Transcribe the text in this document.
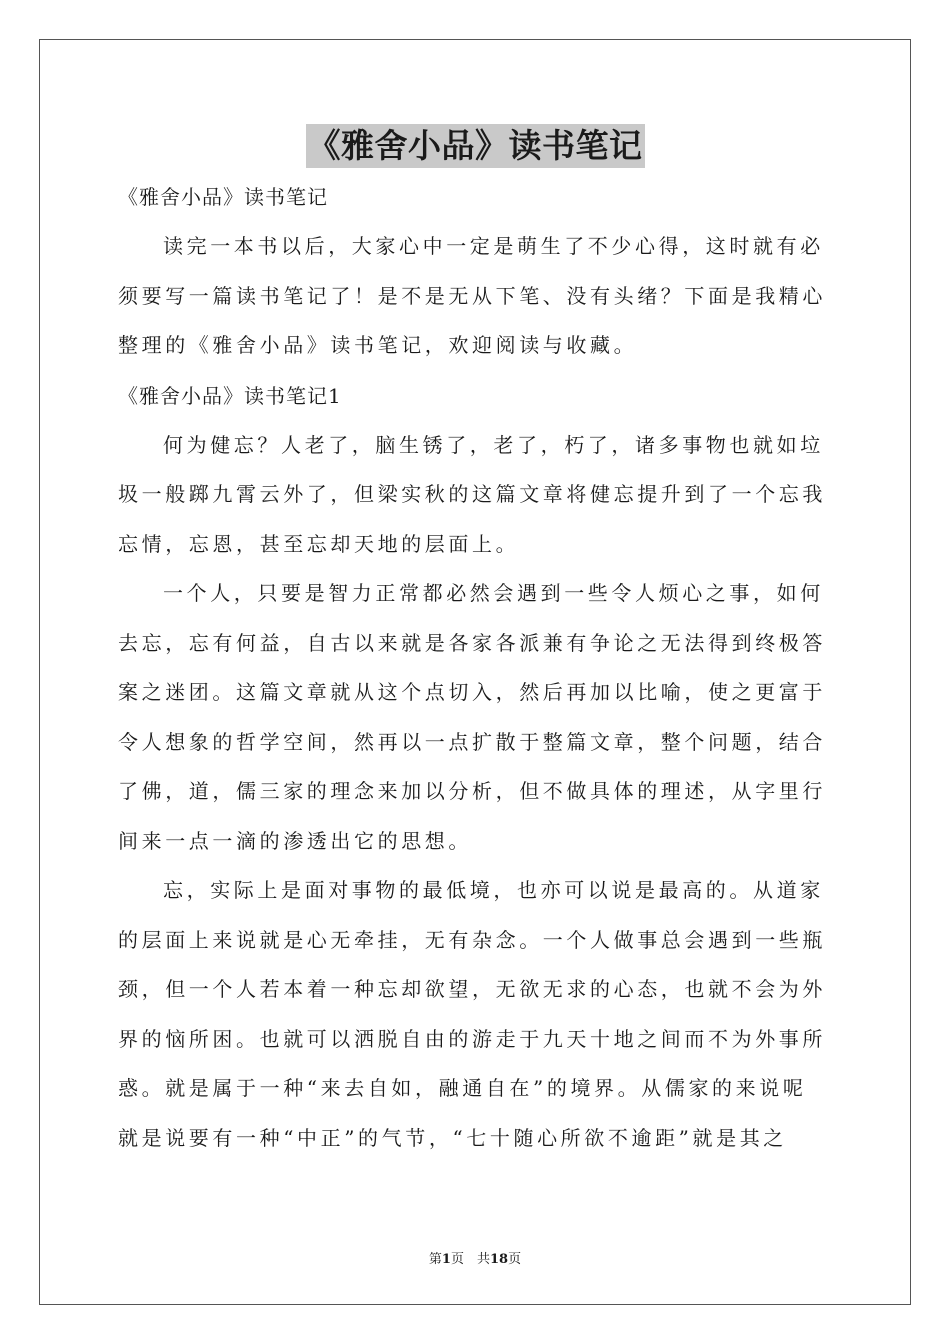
《雅舍小品》读书笔记
《雅舍小品》读书笔记

读完一本书以后，大家心中一定是萌生了不少心得，这时就有必
须要写一篇读书笔记了！是不是无从下笔、没有头绪？下面是我精心
整理的《雅舍小品》读书笔记，欢迎阅读与收藏。

《雅舍小品》读书笔记1

何为健忘？人老了，脑生锈了，老了，朽了，诸多事物也就如垃
圾一般踯九霄云外了，但梁实秋的这篇文章将健忘提升到了一个忘我
忘情，忘恩，甚至忘却天地的层面上。

一个人，只要是智力正常都必然会遇到一些令人烦心之事，如何
去忘，忘有何益，自古以来就是各家各派兼有争论之无法得到终极答
案之迷团。这篇文章就从这个点切入，然后再加以比喻，使之更富于
令人想象的哲学空间，然再以一点扩散于整篇文章，整个问题，结合
了佛，道，儒三家的理念来加以分析，但不做具体的理述，从字里行
间来一点一滴的渗透出它的思想。

忘，实际上是面对事物的最低境，也亦可以说是最高的。从道家
的层面上来说就是心无牵挂，无有杂念。一个人做事总会遇到一些瓶
颈，但一个人若本着一种忘却欲望，无欲无求的心态，也就不会为外
界的恼所困。也就可以洒脱自由的游走于九天十地之间而不为外事所
惑。就是属于一种“来去自如，融通自在”的境界。从儒家的来说呢
就是说要有一种“中正”的气节，“七十随心所欲不逾距”就是其之

第1页　共18页
